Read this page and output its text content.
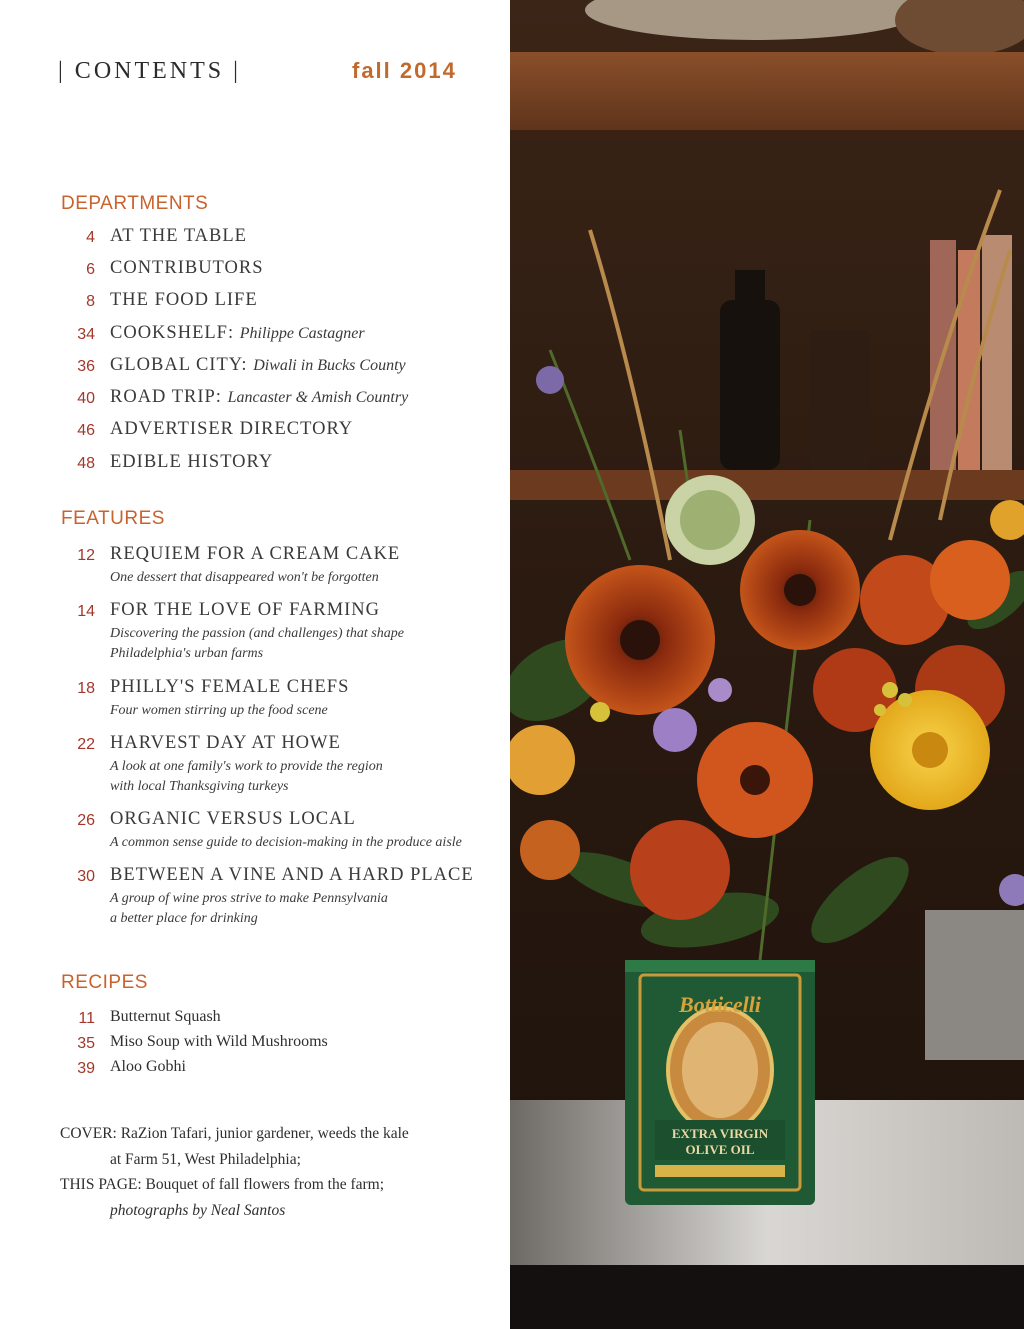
| CONTENTS |	fall 2014
DEPARTMENTS
4 AT THE TABLE
6 CONTRIBUTORS
8 THE FOOD LIFE
34 COOKSHELF: Philippe Castagner
36 GLOBAL CITY: Diwali in Bucks County
40 ROAD TRIP: Lancaster & Amish Country
46 ADVERTISER DIRECTORY
48 EDIBLE HISTORY
FEATURES
12 REQUIEM FOR A CREAM CAKE
One dessert that disappeared won't be forgotten
14 FOR THE LOVE OF FARMING
Discovering the passion (and challenges) that shape
Philadelphia's urban farms
18 PHILLY'S FEMALE CHEFS
Four women stirring up the food scene
22 HARVEST DAY AT HOWE
A look at one family's work to provide the region
with local Thanksgiving turkeys
26 ORGANIC VERSUS LOCAL
A common sense guide to decision-making in the produce aisle
30 BETWEEN A VINE AND A HARD PLACE
A group of wine pros strive to make Pennsylvania
a better place for drinking
RECIPES
11 Butternut Squash
35 Miso Soup with Wild Mushrooms
39 Aloo Gobhi
COVER: RaZion Tafari, junior gardener, weeds the kale
at Farm 51, West Philadelphia;
THIS PAGE: Bouquet of fall flowers from the farm;
photographs by Neal Santos
Botticelli
EXTRA VIRGIN
OLIVE OIL
